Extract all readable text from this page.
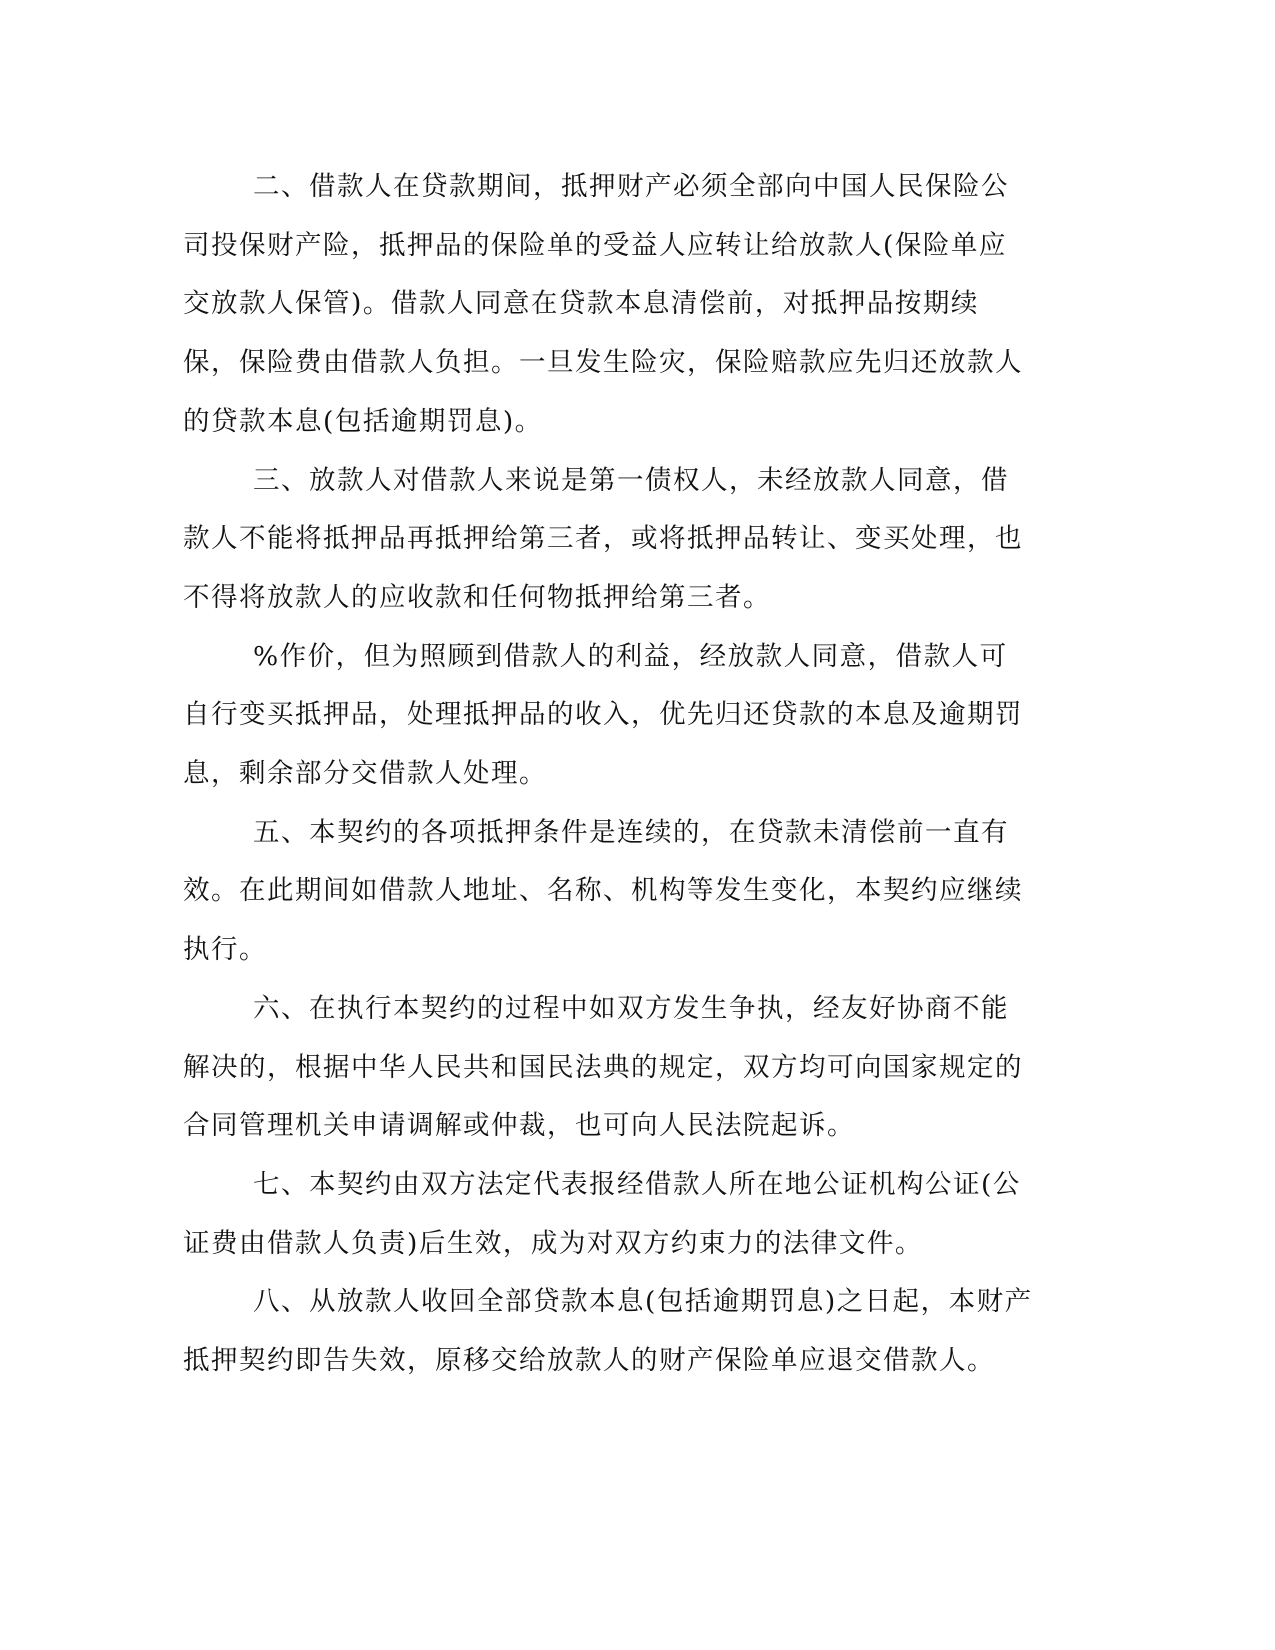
二、借款人在贷款期间，抵押财产必须全部向中国人民保险公司投保财产险，抵押品的保险单的受益人应转让给放款人(保险单应交放款人保管)。借款人同意在贷款本息清偿前，对抵押品按期续保，保险费由借款人负担。一旦发生险灾，保险赔款应先归还放款人的贷款本息(包括逾期罚息)。

三、放款人对借款人来说是第一债权人，未经放款人同意，借款人不能将抵押品再抵押给第三者，或将抵押品转让、变买处理，也不得将放款人的应收款和任何物抵押给第三者。

%作价，但为照顾到借款人的利益，经放款人同意，借款人可自行变买抵押品，处理抵押品的收入，优先归还贷款的本息及逾期罚息，剩余部分交借款人处理。

五、本契约的各项抵押条件是连续的，在贷款未清偿前一直有效。在此期间如借款人地址、名称、机构等发生变化，本契约应继续执行。

六、在执行本契约的过程中如双方发生争执，经友好协商不能解决的，根据中华人民共和国民法典的规定，双方均可向国家规定的合同管理机关申请调解或仲裁，也可向人民法院起诉。

七、本契约由双方法定代表报经借款人所在地公证机构公证(公证费由借款人负责)后生效，成为对双方约束力的法律文件。

八、从放款人收回全部贷款本息(包括逾期罚息)之日起，本财产抵押契约即告失效，原移交给放款人的财产保险单应退交借款人。
